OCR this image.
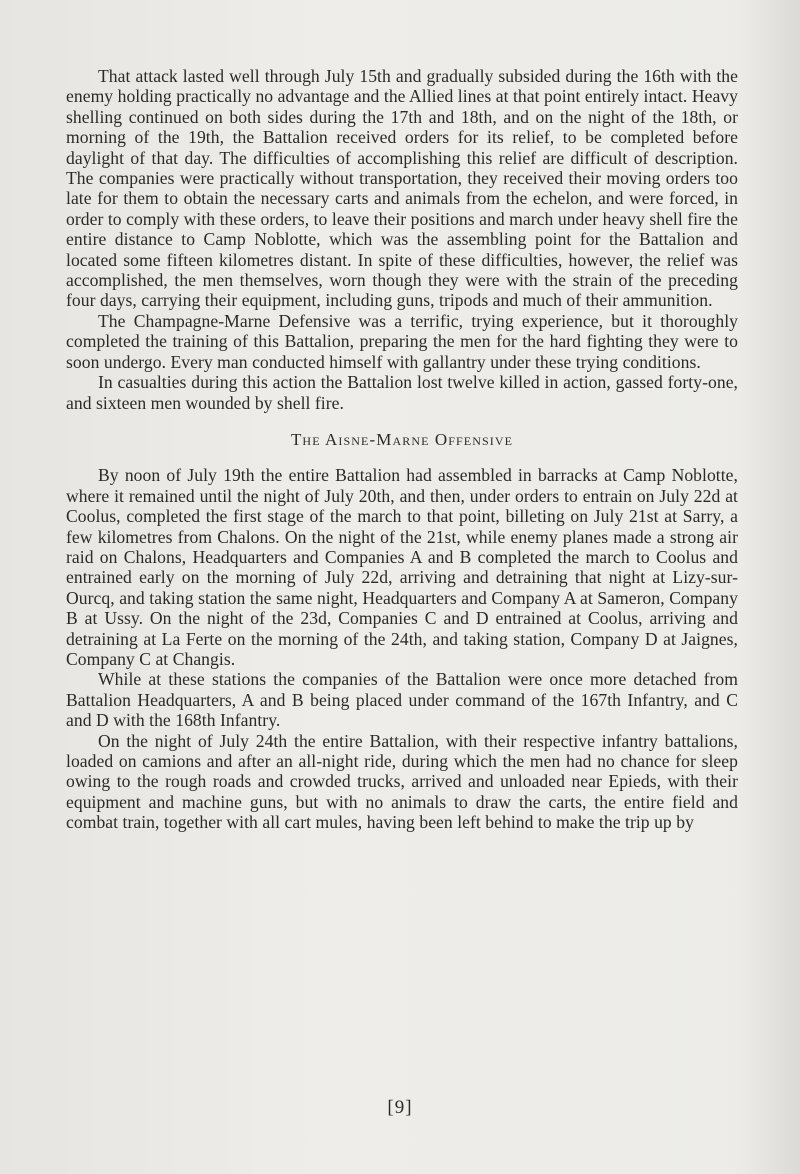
That attack lasted well through July 15th and gradually subsided during the 16th with the enemy holding practically no advantage and the Allied lines at that point entirely intact. Heavy shelling continued on both sides during the 17th and 18th, and on the night of the 18th, or morning of the 19th, the Battalion received orders for its relief, to be completed before daylight of that day. The difficulties of accomplishing this relief are difficult of description. The companies were practically without transportation, they received their moving orders too late for them to obtain the necessary carts and animals from the echelon, and were forced, in order to comply with these orders, to leave their positions and march under heavy shell fire the entire distance to Camp Noblotte, which was the assembling point for the Battalion and located some fifteen kilometres distant. In spite of these difficulties, however, the relief was accomplished, the men themselves, worn though they were with the strain of the preceding four days, carrying their equipment, including guns, tripods and much of their ammunition.

The Champagne-Marne Defensive was a terrific, trying experience, but it thoroughly completed the training of this Battalion, preparing the men for the hard fighting they were to soon undergo. Every man conducted himself with gallantry under these trying conditions.

In casualties during this action the Battalion lost twelve killed in action, gassed forty-one, and sixteen men wounded by shell fire.

The Aisne-Marne Offensive

By noon of July 19th the entire Battalion had assembled in barracks at Camp Noblotte, where it remained until the night of July 20th, and then, under orders to entrain on July 22d at Coolus, completed the first stage of the march to that point, billeting on July 21st at Sarry, a few kilometres from Chalons. On the night of the 21st, while enemy planes made a strong air raid on Chalons, Headquarters and Companies A and B completed the march to Coolus and entrained early on the morning of July 22d, arriving and detraining that night at Lizy-sur-Ourcq, and taking station the same night, Headquarters and Company A at Sameron, Company B at Ussy. On the night of the 23d, Companies C and D entrained at Coolus, arriving and detraining at La Ferte on the morning of the 24th, and taking station, Company D at Jaignes, Company C at Changis.

While at these stations the companies of the Battalion were once more detached from Battalion Headquarters, A and B being placed under command of the 167th Infantry, and C and D with the 168th Infantry.

On the night of July 24th the entire Battalion, with their respective infantry battalions, loaded on camions and after an all-night ride, during which the men had no chance for sleep owing to the rough roads and crowded trucks, arrived and unloaded near Epieds, with their equipment and machine guns, but with no animals to draw the carts, the entire field and combat train, together with all cart mules, having been left behind to make the trip up by

[9]
